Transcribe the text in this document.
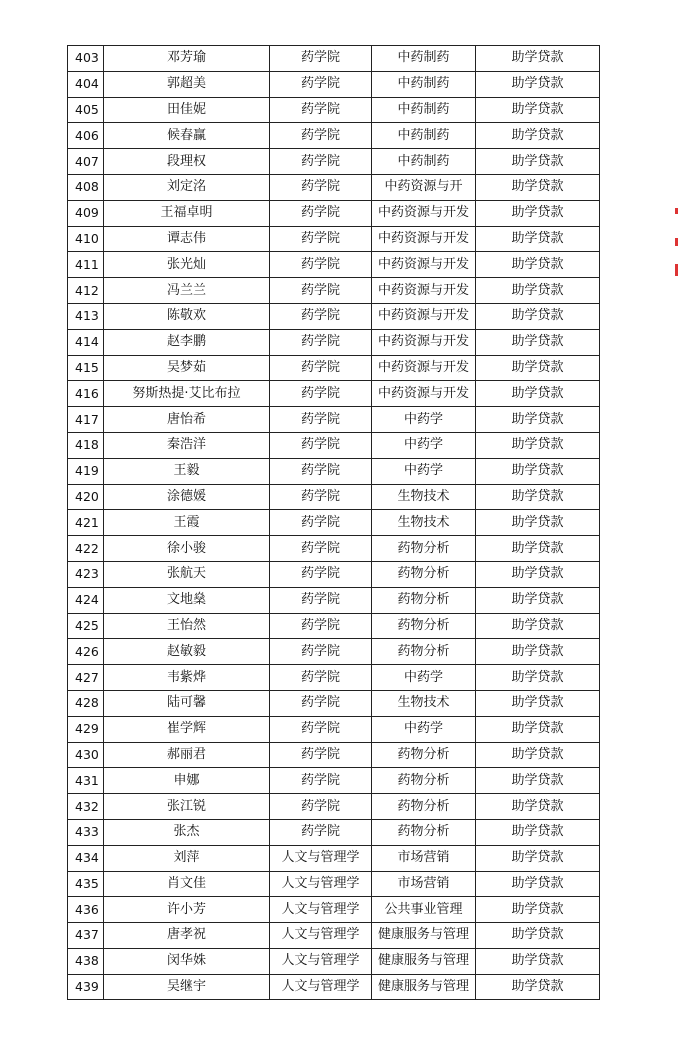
403	邓芳瑜	药学院	中药制药	助学贷款
404	郭超美	药学院	中药制药	助学贷款
405	田佳妮	药学院	中药制药	助学贷款
406	候春赢	药学院	中药制药	助学贷款
407	段理权	药学院	中药制药	助学贷款
408	刘定洺	药学院	中药资源与开	助学贷款
409	王福卓明	药学院	中药资源与开发	助学贷款
410	谭志伟	药学院	中药资源与开发	助学贷款
411	张光灿	药学院	中药资源与开发	助学贷款
412	冯兰兰	药学院	中药资源与开发	助学贷款
413	陈敬欢	药学院	中药资源与开发	助学贷款
414	赵李鹏	药学院	中药资源与开发	助学贷款
415	吴梦茹	药学院	中药资源与开发	助学贷款
416	努斯热提·艾比布拉	药学院	中药资源与开发	助学贷款
417	唐怡希	药学院	中药学	助学贷款
418	秦浩洋	药学院	中药学	助学贷款
419	王毅	药学院	中药学	助学贷款
420	涂德媛	药学院	生物技术	助学贷款
421	王霞	药学院	生物技术	助学贷款
422	徐小骏	药学院	药物分析	助学贷款
423	张航天	药学院	药物分析	助学贷款
424	文地燊	药学院	药物分析	助学贷款
425	王怡然	药学院	药物分析	助学贷款
426	赵敏毅	药学院	药物分析	助学贷款
427	韦紫烨	药学院	中药学	助学贷款
428	陆可馨	药学院	生物技术	助学贷款
429	崔学辉	药学院	中药学	助学贷款
430	郝丽君	药学院	药物分析	助学贷款
431	申娜	药学院	药物分析	助学贷款
432	张江锐	药学院	药物分析	助学贷款
433	张杰	药学院	药物分析	助学贷款
434	刘萍	人文与管理学	市场营销	助学贷款
435	肖文佳	人文与管理学	市场营销	助学贷款
436	许小芳	人文与管理学	公共事业管理	助学贷款
437	唐孝祝	人文与管理学	健康服务与管理	助学贷款
438	闵华姝	人文与管理学	健康服务与管理	助学贷款
439	吴继宇	人文与管理学	健康服务与管理	助学贷款
